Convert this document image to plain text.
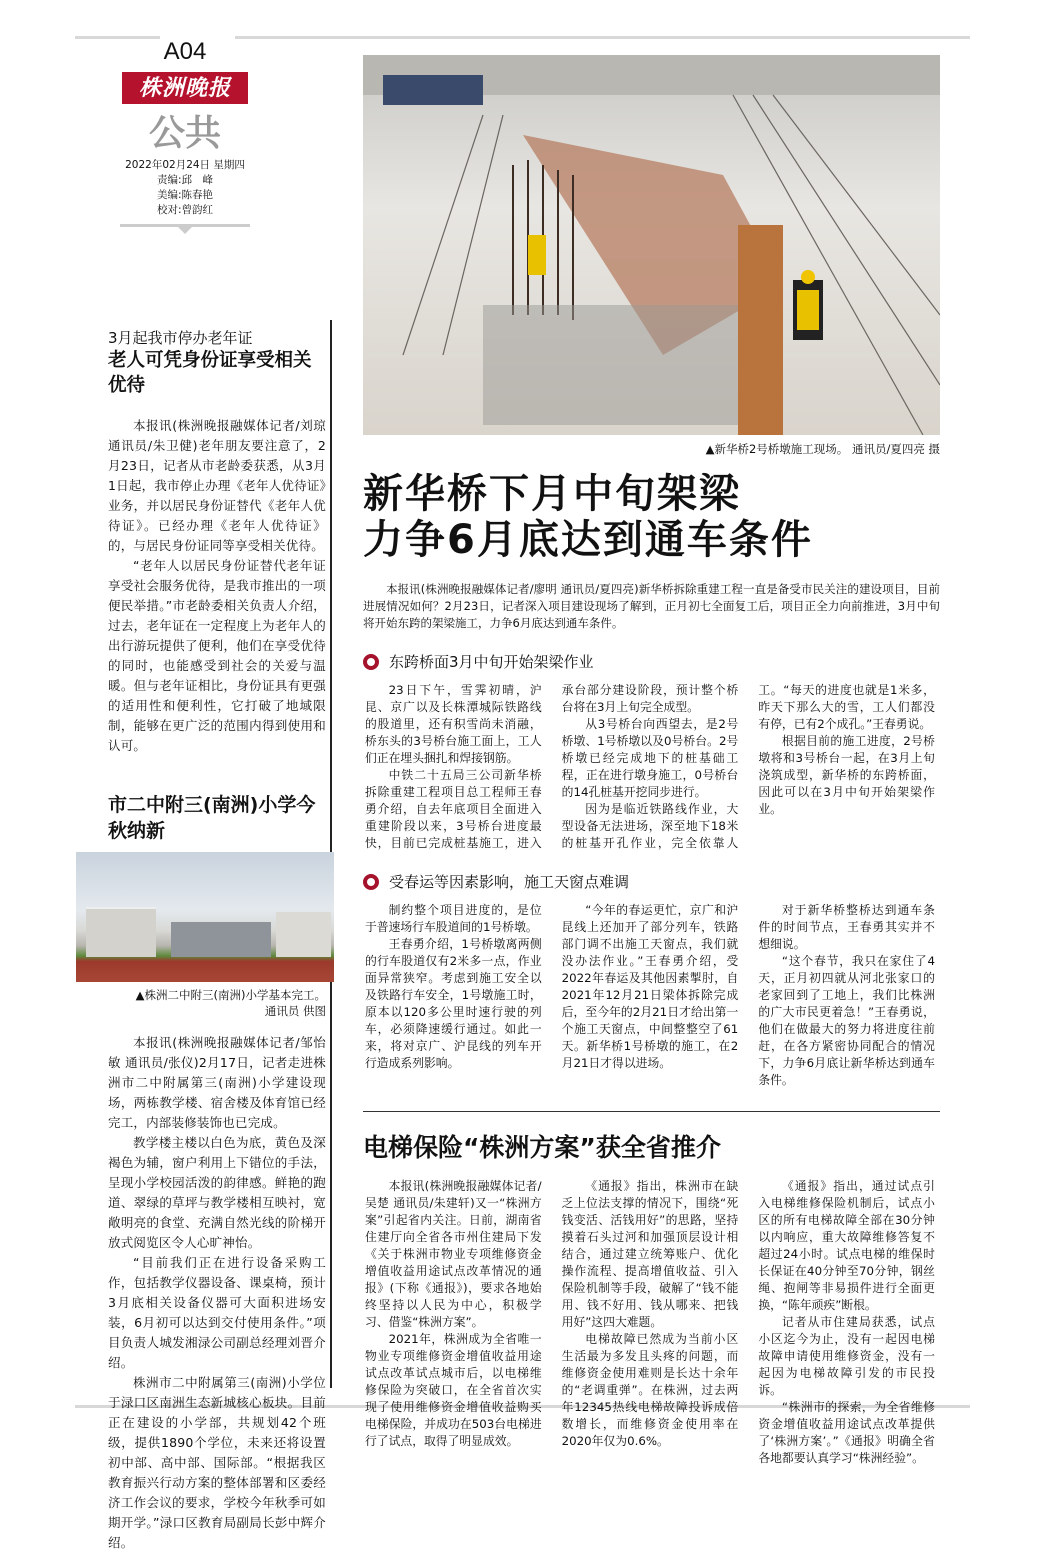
A04
株洲晚报
公共
2022年02月24日 星期四
责编:邱　峰
美编:陈春艳
校对:曾韵红
3月起我市停办老年证
老人可凭身份证享受相关优待

本报讯(株洲晚报融媒体记者/刘琼 通讯员/朱卫健)老年朋友要注意了，2月23日，记者从市老龄委获悉，从3月1日起，我市停止办理《老年人优待证》业务，并以居民身份证替代《老年人优待证》。已经办理《老年人优待证》的，与居民身份证同等享受相关优待。

“老年人以居民身份证替代老年证享受社会服务优待，是我市推出的一项便民举措。”市老龄委相关负责人介绍，过去，老年证在一定程度上为老年人的出行游玩提供了便利，他们在享受优待的同时，也能感受到社会的关爱与温暖。但与老年证相比，身份证具有更强的适用性和便利性，它打破了地域限制，能够在更广泛的范围内得到使用和认可。

市二中附三(南洲)小学今秋纳新
▲株洲二中附三(南洲)小学基本完工。
通讯员 供图

本报讯(株洲晚报融媒体记者/邹怡敏 通讯员/张仪)2月17日，记者走进株洲市二中附属第三(南洲)小学建设现场，两栋教学楼、宿舍楼及体育馆已经完工，内部装修装饰也已完成。

教学楼主楼以白色为底，黄色及深褐色为辅，窗户利用上下错位的手法，呈现小学校园活泼的韵律感。鲜艳的跑道、翠绿的草坪与教学楼相互映衬，宽敞明亮的食堂、充满自然光线的阶梯开放式阅览区令人心旷神怡。

“目前我们正在进行设备采购工作，包括教学仪器设备、课桌椅，预计3月底相关设备仪器可大面积进场安装，6月初可以达到交付使用条件。”项目负责人城发湘渌公司副总经理刘晋介绍。

株洲市二中附属第三(南洲)小学位于渌口区南洲生态新城核心板块。目前正在建设的小学部，共规划42个班级，提供1890个学位，未来还将设置初中部、高中部、国际部。“根据我区教育振兴行动方案的整体部署和区委经济工作会议的要求，学校今年秋季可如期开学。”渌口区教育局副局长彭中辉介绍。

▲新华桥2号桥墩施工现场。 通讯员/夏四亮 摄
新华桥下月中旬架梁
力争6月底达到通车条件

本报讯(株洲晚报融媒体记者/廖明 通讯员/夏四亮)新华桥拆除重建工程一直是备受市民关注的建设项目，目前进展情况如何？2月23日，记者深入项目建设现场了解到，正月初七全面复工后，项目正全力向前推进，3月中旬将开始东跨的架梁施工，力争6月底达到通车条件。

东跨桥面3月中旬开始架梁作业

23日下午，雪霁初晴，沪昆、京广以及长株潭城际铁路线的股道里，还有积雪尚未消融，桥东头的3号桥台施工面上，工人们正在埋头捆扎和焊接钢筋。

中铁二十五局三公司新华桥拆除重建工程项目总工程师王春勇介绍，自去年底项目全面进入重建阶段以来，3号桥台进度最快，目前已完成桩基施工，进入承台部分建设阶段，预计整个桥台将在3月上旬完全成型。

从3号桥台向西望去，是2号桥墩、1号桥墩以及0号桥台。2号桥墩已经完成地下的桩基础工程，正在进行墩身施工，0号桥台的14孔桩基开挖同步进行。

因为是临近铁路线作业，大型设备无法进场，深至地下18米的桩基开孔作业，完全依靠人工。“每天的进度也就是1米多，昨天下那么大的雪，工人们都没有停，已有2个成孔。”王春勇说。

根据目前的施工进度，2号桥墩将和3号桥台一起，在3月上旬浇筑成型，新华桥的东跨桥面，因此可以在3月中旬开始架梁作业。

受春运等因素影响，施工天窗点难调

制约整个项目进度的，是位于普速场行车股道间的1号桥墩。

王春勇介绍，1号桥墩离两侧的行车股道仅有2米多一点，作业面异常狭窄。考虑到施工安全以及铁路行车安全，1号墩施工时，原本以120多公里时速行驶的列车，必须降速缓行通过。如此一来，将对京广、沪昆线的列车开行造成系列影响。

“今年的春运更忙，京广和沪昆线上还加开了部分列车，铁路部门调不出施工天窗点，我们就没办法作业。”王春勇介绍，受2022年春运及其他因素掣肘，自2021年12月21日梁体拆除完成后，至今年的2月21日才给出第一个施工天窗点，中间整整空了61天。新华桥1号桥墩的施工，在2月21日才得以进场。

对于新华桥整桥达到通车条件的时间节点，王春勇其实并不想细说。

“这个春节，我只在家住了4天，正月初四就从河北张家口的老家回到了工地上，我们比株洲的广大市民更着急！”王春勇说，他们在做最大的努力将进度往前赶，在各方紧密协同配合的情况下，力争6月底让新华桥达到通车条件。

电梯保险“株洲方案”获全省推介

本报讯(株洲晚报融媒体记者/吴楚 通讯员/朱建轩)又一“株洲方案”引起省内关注。日前，湖南省住建厅向全省各市州住建局下发《关于株洲市物业专项维修资金增值收益用途试点改革情况的通报》(下称《通报》)，要求各地始终坚持以人民为中心，积极学习、借鉴“株洲方案”。

2021年，株洲成为全省唯一物业专项维修资金增值收益用途试点改革试点城市后，以电梯维修保险为突破口，在全省首次实现了使用维修资金增值收益购买电梯保险，并成功在503台电梯进行了试点，取得了明显成效。

《通报》指出，株洲市在缺乏上位法支撑的情况下，围绕“死钱变活、活钱用好”的思路，坚持摸着石头过河和加强顶层设计相结合，通过建立统筹账户、优化操作流程、提高增值收益、引入保险机制等手段，破解了“钱不能用、钱不好用、钱从哪来、把钱用好”这四大难题。

电梯故障已然成为当前小区生活最为多发且头疼的问题，而维修资金使用难则是长达十余年的“老调重弹”。在株洲，过去两年12345热线电梯故障投诉成倍数增长，而维修资金使用率在2020年仅为0.6%。

《通报》指出，通过试点引入电梯维修保险机制后，试点小区的所有电梯故障全部在30分钟以内响应，重大故障维修答复不超过24小时。试点电梯的维保时长保证在40分钟至70分钟，钢丝绳、抱闸等非易损件进行全面更换，“陈年顽疾”断根。

记者从市住建局获悉，试点小区迄今为止，没有一起因电梯故障申请使用维修资金，没有一起因为电梯故障引发的市民投诉。

“株洲市的探索，为全省维修资金增值收益用途试点改革提供了‘株洲方案’。”《通报》明确全省各地都要认真学习“株洲经验”。
